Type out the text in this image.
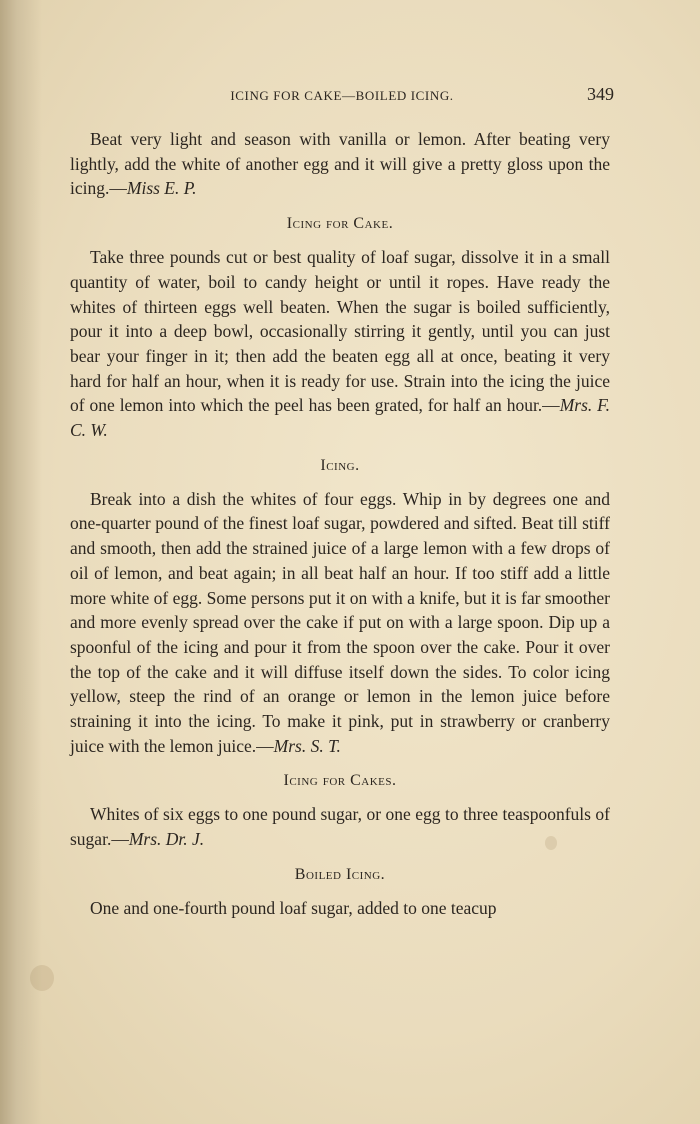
ICING FOR CAKE—BOILED ICING.	349

Beat very light and season with vanilla or lemon. After beating very lightly, add the white of another egg and it will give a pretty gloss upon the icing.—Miss E. P.

Icing for Cake.

Take three pounds cut or best quality of loaf sugar, dissolve it in a small quantity of water, boil to candy height or until it ropes. Have ready the whites of thirteen eggs well beaten. When the sugar is boiled sufficiently, pour it into a deep bowl, occasionally stirring it gently, until you can just bear your finger in it; then add the beaten egg all at once, beating it very hard for half an hour, when it is ready for use. Strain into the icing the juice of one lemon into which the peel has been grated, for half an hour.—Mrs. F. C. W.

Icing.

Break into a dish the whites of four eggs. Whip in by degrees one and one-quarter pound of the finest loaf sugar, powdered and sifted. Beat till stiff and smooth, then add the strained juice of a large lemon with a few drops of oil of lemon, and beat again; in all beat half an hour. If too stiff add a little more white of egg. Some persons put it on with a knife, but it is far smoother and more evenly spread over the cake if put on with a large spoon. Dip up a spoonful of the icing and pour it from the spoon over the cake. Pour it over the top of the cake and it will diffuse itself down the sides. To color icing yellow, steep the rind of an orange or lemon in the lemon juice before straining it into the icing. To make it pink, put in strawberry or cranberry juice with the lemon juice.—Mrs. S. T.

Icing for Cakes.

Whites of six eggs to one pound sugar, or one egg to three teaspoonfuls of sugar.—Mrs. Dr. J.

Boiled Icing.

One and one-fourth pound loaf sugar, added to one teacup
